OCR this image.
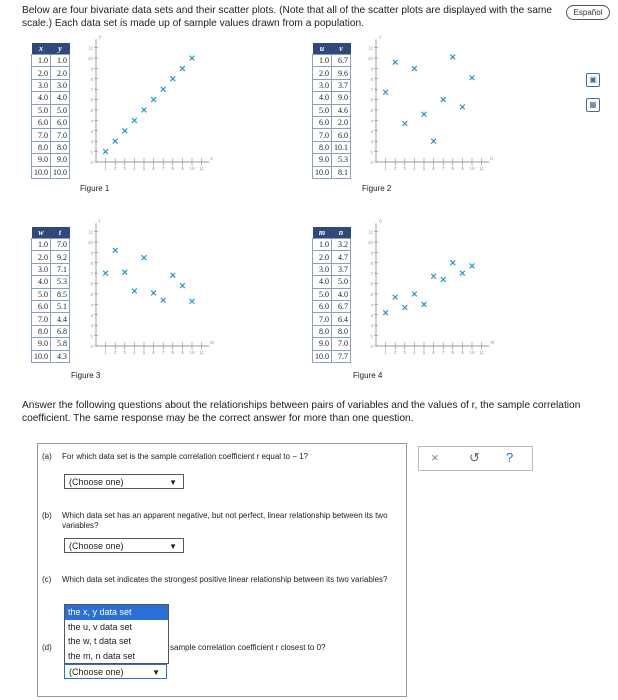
Below are four bivariate data sets and their scatter plots. (Note that all of the scatter plots are displayed with the same scale.) Each data set is made up of sample values drawn from a population.
Español
▣
▦
x	y
1.0	1.0
2.0	2.0
3.0	3.0
4.0	4.0
5.0	5.0
6.0	6.0
7.0	7.0
8.0	8.0
9.0	9.0
10.0	10.0
u	v
1.0	6.7
2.0	9.6
3.0	3.7
4.0	9.0
5.0	4.6
6.0	2.0
7.0	6.0
8.0	10.1
9.0	5.3
10.0	8.1
w	t
1.0	7.0
2.0	9.2
3.0	7.1
4.0	5.3
5.0	8.5
6.0	5.1
7.0	4.4
8.0	6.8
9.0	5.8
10.0	4.3
m	n
1.0	3.2
2.0	4.7
3.0	3.7
4.0	5.0
5.0	4.0
6.0	6.7
7.0	6.4
8.0	8.0
9.0	7.0
10.0	7.7
11
10
9
8
7
6
5
4
3
2
1
0
1 2 3 4 5 6 7 8 9 10 11
y
x
11
10
9
8
7
6
5
4
3
2
1
0
1 2 3 4 5 6 7 8 9 10 11
v
u
11
10
9
8
7
6
5
4
3
2
1
0
1 2 3 4 5 6 7 8 9 10 11
t
w
11
10
9
8
7
6
5
4
3
2
1
0
1 2 3 4 5 6 7 8 9 10 11
n
m
Figure 1	Figure 2
Figure 3	Figure 4
Answer the following questions about the relationships between pairs of variables and the values of r, the sample correlation coefficient. The same response may be the correct answer for more than one question.
× ↺ ?
(a) For which data set is the sample correlation coefficient r equal to − 1?
(Choose one)	▼
(b) Which data set has an apparent negative, but not perfect, linear relationship between its two variables?
(Choose one)	▼
(c) Which data set indicates the strongest positive linear relationship between its two variables?
(d)	sample correlation coefficient r closest to 0?
the x, y data set
the u, v data set
the w, t data set
the m, n data set
(Choose one)	▼
